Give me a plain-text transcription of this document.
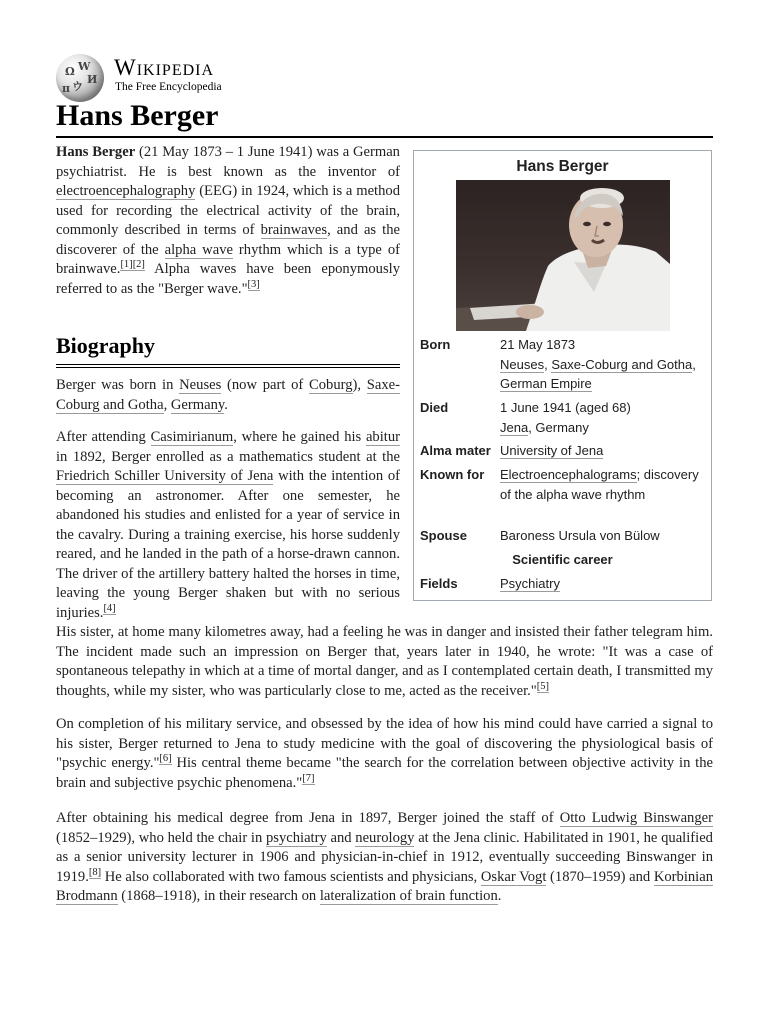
Ω W
И
ウ
π
Wikipedia
The Free Encyclopedia
Hans Berger

Hans Berger (21 May 1873 – 1 June 1941) was a German psychiatrist. He is best known as the inventor of electroencephalography (EEG) in 1924, which is a method used for recording the electrical activity of the brain, commonly described in terms of brainwaves, and as the discoverer of the alpha wave rhythm which is a type of brainwave.[1][2] Alpha waves have been eponymously referred to as the "Berger wave."[3]

Biography

Berger was born in Neuses (now part of Coburg), Saxe-Coburg and Gotha, Germany.

After attending Casimirianum, where he gained his abitur in 1892, Berger enrolled as a mathematics student at the Friedrich Schiller University of Jena with the intention of becoming an astronomer. After one semester, he abandoned his studies and enlisted for a year of service in the cavalry. During a training exercise, his horse suddenly reared, and he landed in the path of a horse-drawn cannon. The driver of the artillery battery halted the horses in time, leaving the young Berger shaken but with no serious injuries.[4]

His sister, at home many kilometres away, had a feeling he was in danger and insisted their father telegram him. The incident made such an impression on Berger that, years later in 1940, he wrote: "It was a case of spontaneous telepathy in which at a time of mortal danger, and as I contemplated certain death, I transmitted my thoughts, while my sister, who was particularly close to me, acted as the receiver."[5]

On completion of his military service, and obsessed by the idea of how his mind could have carried a signal to his sister, Berger returned to Jena to study medicine with the goal of discovering the physiological basis of "psychic energy."[6] His central theme became "the search for the correlation between objective activity in the brain and subjective psychic phenomena."[7]

After obtaining his medical degree from Jena in 1897, Berger joined the staff of Otto Ludwig Binswanger (1852–1929), who held the chair in psychiatry and neurology at the Jena clinic. Habilitated in 1901, he qualified as a senior university lecturer in 1906 and physician-in-chief in 1912, eventually succeeding Binswanger in 1919.[8] He also collaborated with two famous scientists and physicians, Oskar Vogt (1870–1959) and Korbinian Brodmann (1868–1918), in their research on lateralization of brain function.

Hans Berger
Born	21 May 1873
Neuses, Saxe-Coburg and Gotha,
German Empire
Died	1 June 1941 (aged 68)
Jena, Germany
Alma mater University of Jena
Known for	Electroencephalograms; discovery of the alpha wave rhythm
Spouse	Baroness Ursula von Bülow
Scientific career
Fields	Psychiatry
